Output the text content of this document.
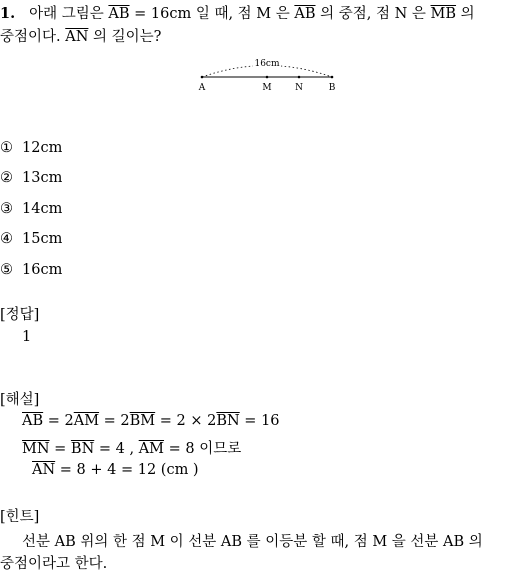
1. 아래 그림은 $\overline{AB} = 16cm$ 일 때, 점 M 은 $\overline{AB}$ 의 중점, 점 N 은 $\overline{MB}$ 의
중점이다. $\overline{AN}$ 의 길이는?
16cm
A	M	N	B
① 12cm
② 13cm
③ 14cm
④ 15cm
⑤ 16cm
[정답]
1
[해설]
$\overline{AB} = 2\overline{AM} = 2\overline{BM} = 2 \times 2\overline{BN} = 16$
$\overline{MN} = \overline{BN} = 4$ , $\overline{AM} = 8$ 이므로
$\overline{AN} = 8 + 4 = 12$ (cm )
[힌트]
선분 AB 위의 한 점 M 이 선분 AB 를 이등분 할 때, 점 M 을 선분 AB 의
중점이라고 한다.
